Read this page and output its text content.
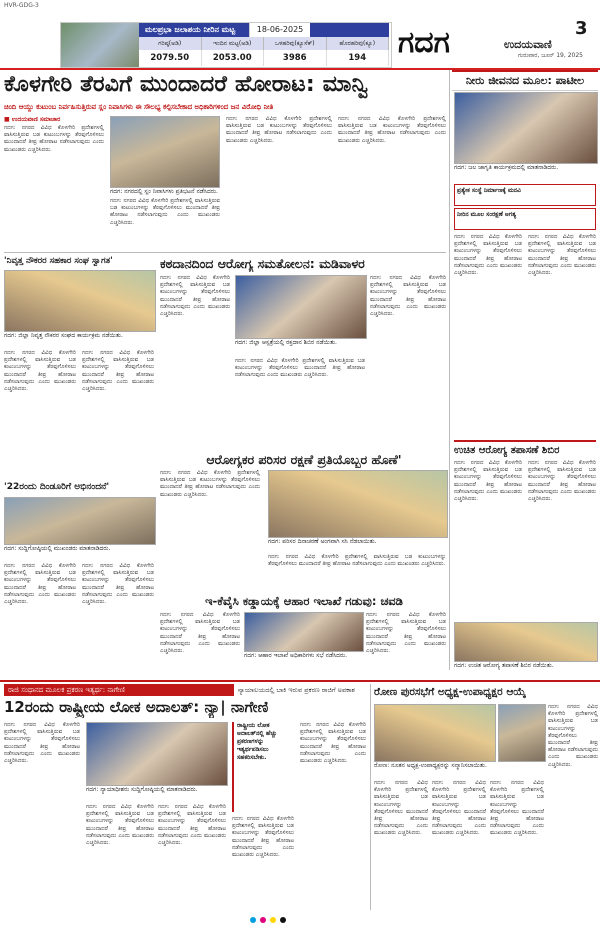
HVR-GDG-3
ಮಲಪ್ರಭಾ ಜಲಾಶಯ ನೀರಿನ ಮಟ್ಟ	18-06-2025
ಗರಿಷ್ಠ(ಅಡಿ)	ಇಂದಿನ ಮಟ್ಟ(ಅಡಿ)	ಒಳಹರಿವು(ಕ್ಯೂಸೆಕ್)	ಹೊರಹರಿವು(ಕ್ಯೂ)
2079.50	2053.00	3986	194	ಗದಗ	3
ಉದಯವಾಣಿ
ಗುರುವಾರ, ಜೂನ್ 19, 2025
ಕೊಳಗೇರಿ ತೆರವಿಗೆ ಮುಂದಾದರೆ ಹೋರಾಟ: ಮಾನ್ವಿ
ಚಿಂದಿ ಆಯ್ದು ಕುಟುಂಬ ನಿರ್ವಹಿಸುತ್ತಿರುವ ಸ್ಲಂ ನಿವಾಸಿಗಳು ಈ ಸೌಲಭ್ಯ ಕಲ್ಪಿಸಬೇಕಾದ ಅಧಿಕಾರಿಗಳಿಂದ ಜನ ವಿರೋಧಿ ನೀತಿ
■ ಉದಯವಾಣಿ ಸಮಾಚಾರ
ಗದಗ: ನಗರದ ವಿವಿಧ ಕೊಳಗೇರಿ ಪ್ರದೇಶಗಳಲ್ಲಿ ವಾಸಿಸುತ್ತಿರುವ ಬಡ ಕುಟುಂಬಗಳನ್ನು ತೆರವುಗೊಳಿಸಲು ಮುಂದಾದರೆ ತೀವ್ರ ಹೋರಾಟ ನಡೆಸಲಾಗುವುದು ಎಂದು ಮುಖಂಡರು ಎಚ್ಚರಿಸಿದರು.
ಗದಗ: ನಗರದಲ್ಲಿ ಸ್ಲಂ ನಿವಾಸಿಗಳು ಪ್ರತಿಭಟನೆ ನಡೆಸಿದರು.
ಗದಗ: ನಗರದ ವಿವಿಧ ಕೊಳಗೇರಿ ಪ್ರದೇಶಗಳಲ್ಲಿ ವಾಸಿಸುತ್ತಿರುವ ಬಡ ಕುಟುಂಬಗಳನ್ನು ತೆರವುಗೊಳಿಸಲು ಮುಂದಾದರೆ ತೀವ್ರ ಹೋರಾಟ ನಡೆಸಲಾಗುವುದು ಎಂದು ಮುಖಂಡರು ಎಚ್ಚರಿಸಿದರು.
ಗದಗ: ನಗರದ ವಿವಿಧ ಕೊಳಗೇರಿ ಪ್ರದೇಶಗಳಲ್ಲಿ ವಾಸಿಸುತ್ತಿರುವ ಬಡ ಕುಟುಂಬಗಳನ್ನು ತೆರವುಗೊಳಿಸಲು ಮುಂದಾದರೆ ತೀವ್ರ ಹೋರಾಟ ನಡೆಸಲಾಗುವುದು ಎಂದು ಮುಖಂಡರು ಎಚ್ಚರಿಸಿದರು.
ಗದಗ: ನಗರದ ವಿವಿಧ ಕೊಳಗೇರಿ ಪ್ರದೇಶಗಳಲ್ಲಿ ವಾಸಿಸುತ್ತಿರುವ ಬಡ ಕುಟುಂಬಗಳನ್ನು ತೆರವುಗೊಳಿಸಲು ಮುಂದಾದರೆ ತೀವ್ರ ಹೋರಾಟ ನಡೆಸಲಾಗುವುದು ಎಂದು ಮುಖಂಡರು ಎಚ್ಚರಿಸಿದರು.
'ನಿವೃತ್ತ ನೌಕರರ ಸಹಕಾರ ಸಂಘ ಸ್ವಾಗತ'
ಗದಗ: ಜಿಲ್ಲಾ ನಿವೃತ್ತ ನೌಕರರ ಸಂಘದ ಕಾರ್ಯಕ್ರಮ ನಡೆಯಿತು.
ಗದಗ: ನಗರದ ವಿವಿಧ ಕೊಳಗೇರಿ ಪ್ರದೇಶಗಳಲ್ಲಿ ವಾಸಿಸುತ್ತಿರುವ ಬಡ ಕುಟುಂಬಗಳನ್ನು ತೆರವುಗೊಳಿಸಲು ಮುಂದಾದರೆ ತೀವ್ರ ಹೋರಾಟ ನಡೆಸಲಾಗುವುದು ಎಂದು ಮುಖಂಡರು ಎಚ್ಚರಿಸಿದರು.
ಗದಗ: ನಗರದ ವಿವಿಧ ಕೊಳಗೇರಿ ಪ್ರದೇಶಗಳಲ್ಲಿ ವಾಸಿಸುತ್ತಿರುವ ಬಡ ಕುಟುಂಬಗಳನ್ನು ತೆರವುಗೊಳಿಸಲು ಮುಂದಾದರೆ ತೀವ್ರ ಹೋರಾಟ ನಡೆಸಲಾಗುವುದು ಎಂದು ಮುಖಂಡರು ಎಚ್ಚರಿಸಿದರು.
ಕಠದಾನದಿಂದ ಆರೋಗ್ಯ ಸಮತೋಲನ: ಮಡಿವಾಳರ
ಗದಗ: ಜಿಲ್ಲಾ ಆಸ್ಪತ್ರೆಯಲ್ಲಿ ರಕ್ತದಾನ ಶಿಬಿರ ನಡೆಯಿತು.
ಗದಗ: ನಗರದ ವಿವಿಧ ಕೊಳಗೇರಿ ಪ್ರದೇಶಗಳಲ್ಲಿ ವಾಸಿಸುತ್ತಿರುವ ಬಡ ಕುಟುಂಬಗಳನ್ನು ತೆರವುಗೊಳಿಸಲು ಮುಂದಾದರೆ ತೀವ್ರ ಹೋರಾಟ ನಡೆಸಲಾಗುವುದು ಎಂದು ಮುಖಂಡರು ಎಚ್ಚರಿಸಿದರು.
ಗದಗ: ನಗರದ ವಿವಿಧ ಕೊಳಗೇರಿ ಪ್ರದೇಶಗಳಲ್ಲಿ ವಾಸಿಸುತ್ತಿರುವ ಬಡ ಕುಟುಂಬಗಳನ್ನು ತೆರವುಗೊಳಿಸಲು ಮುಂದಾದರೆ ತೀವ್ರ ಹೋರಾಟ ನಡೆಸಲಾಗುವುದು ಎಂದು ಮುಖಂಡರು ಎಚ್ಚರಿಸಿದರು.
ಗದಗ: ನಗರದ ವಿವಿಧ ಕೊಳಗೇರಿ ಪ್ರದೇಶಗಳಲ್ಲಿ ವಾಸಿಸುತ್ತಿರುವ ಬಡ ಕುಟುಂಬಗಳನ್ನು ತೆರವುಗೊಳಿಸಲು ಮುಂದಾದರೆ ತೀವ್ರ ಹೋರಾಟ ನಡೆಸಲಾಗುವುದು ಎಂದು ಮುಖಂಡರು ಎಚ್ಚರಿಸಿದರು.
ಆರೋಗ್ಯಕರ ಪರಿಸರ ರಕ್ಷಣೆ ಪ್ರತಿಯೊಬ್ಬರ ಹೊಣೆ'
ಗದಗ: ನಗರದ ವಿವಿಧ ಕೊಳಗೇರಿ ಪ್ರದೇಶಗಳಲ್ಲಿ ವಾಸಿಸುತ್ತಿರುವ ಬಡ ಕುಟುಂಬಗಳನ್ನು ತೆರವುಗೊಳಿಸಲು ಮುಂದಾದರೆ ತೀವ್ರ ಹೋರಾಟ ನಡೆಸಲಾಗುವುದು ಎಂದು ಮುಖಂಡರು ಎಚ್ಚರಿಸಿದರು.
ಗದಗ: ಪರಿಸರ ದಿನಾಚರಣೆ ಅಂಗವಾಗಿ ಸಸಿ ನೆಡಲಾಯಿತು.
ಗದಗ: ನಗರದ ವಿವಿಧ ಕೊಳಗೇರಿ ಪ್ರದೇಶಗಳಲ್ಲಿ ವಾಸಿಸುತ್ತಿರುವ ಬಡ ಕುಟುಂಬಗಳನ್ನು ತೆರವುಗೊಳಿಸಲು ಮುಂದಾದರೆ ತೀವ್ರ ಹೋರಾಟ ನಡೆಸಲಾಗುವುದು ಎಂದು ಮುಖಂಡರು ಎಚ್ಚರಿಸಿದರು.
'22ರಂದು ದಿಂಡೂರಿಗೆ ಅಭಿನಂದನೆ'
ಗದಗ: ಸುದ್ದಿಗೋಷ್ಠಿಯಲ್ಲಿ ಮುಖಂಡರು ಮಾತನಾಡಿದರು.
ಗದಗ: ನಗರದ ವಿವಿಧ ಕೊಳಗೇರಿ ಪ್ರದೇಶಗಳಲ್ಲಿ ವಾಸಿಸುತ್ತಿರುವ ಬಡ ಕುಟುಂಬಗಳನ್ನು ತೆರವುಗೊಳಿಸಲು ಮುಂದಾದರೆ ತೀವ್ರ ಹೋರಾಟ ನಡೆಸಲಾಗುವುದು ಎಂದು ಮುಖಂಡರು ಎಚ್ಚರಿಸಿದರು.
ಗದಗ: ನಗರದ ವಿವಿಧ ಕೊಳಗೇರಿ ಪ್ರದೇಶಗಳಲ್ಲಿ ವಾಸಿಸುತ್ತಿರುವ ಬಡ ಕುಟುಂಬಗಳನ್ನು ತೆರವುಗೊಳಿಸಲು ಮುಂದಾದರೆ ತೀವ್ರ ಹೋರಾಟ ನಡೆಸಲಾಗುವುದು ಎಂದು ಮುಖಂಡರು ಎಚ್ಚರಿಸಿದರು.	ಇ-ಕೆವೈಸಿ ಕಡ್ಡಾಯಕ್ಕೆ ಆಹಾರ ಇಲಾಖೆ ಗಡುವು: ಚವಡಿ
ಗದಗ: ನಗರದ ವಿವಿಧ ಕೊಳಗೇರಿ ಪ್ರದೇಶಗಳಲ್ಲಿ ವಾಸಿಸುತ್ತಿರುವ ಬಡ ಕುಟುಂಬಗಳನ್ನು ತೆರವುಗೊಳಿಸಲು ಮುಂದಾದರೆ ತೀವ್ರ ಹೋರಾಟ ನಡೆಸಲಾಗುವುದು ಎಂದು ಮುಖಂಡರು ಎಚ್ಚರಿಸಿದರು.
ಗದಗ: ಆಹಾರ ಇಲಾಖೆ ಅಧಿಕಾರಿಗಳು ಸಭೆ ನಡೆಸಿದರು.
ಗದಗ: ನಗರದ ವಿವಿಧ ಕೊಳಗೇರಿ ಪ್ರದೇಶಗಳಲ್ಲಿ ವಾಸಿಸುತ್ತಿರುವ ಬಡ ಕುಟುಂಬಗಳನ್ನು ತೆರವುಗೊಳಿಸಲು ಮುಂದಾದರೆ ತೀವ್ರ ಹೋರಾಟ ನಡೆಸಲಾಗುವುದು ಎಂದು ಮುಖಂಡರು ಎಚ್ಚರಿಸಿದರು.
ನೀರು ಜೀವನದ ಮೂಲ: ಪಾಟೀಲ
ಗದಗ: ಜಲ ಜಾಗೃತಿ ಕಾರ್ಯಕ್ರಮದಲ್ಲಿ ಮಾತನಾಡಿದರು.
ಪ್ರತ್ಯೇಕ ಸಂಸ್ಥೆ ನಿರ್ಮಾಣಕ್ಕೆ ಮನವಿ
ನೀರಿನ ಮೂಲ ಸಂರಕ್ಷಣೆ ಅಗತ್ಯ
ಗದಗ: ನಗರದ ವಿವಿಧ ಕೊಳಗೇರಿ ಪ್ರದೇಶಗಳಲ್ಲಿ ವಾಸಿಸುತ್ತಿರುವ ಬಡ ಕುಟುಂಬಗಳನ್ನು ತೆರವುಗೊಳಿಸಲು ಮುಂದಾದರೆ ತೀವ್ರ ಹೋರಾಟ ನಡೆಸಲಾಗುವುದು ಎಂದು ಮುಖಂಡರು ಎಚ್ಚರಿಸಿದರು.
ಗದಗ: ನಗರದ ವಿವಿಧ ಕೊಳಗೇರಿ ಪ್ರದೇಶಗಳಲ್ಲಿ ವಾಸಿಸುತ್ತಿರುವ ಬಡ ಕುಟುಂಬಗಳನ್ನು ತೆರವುಗೊಳಿಸಲು ಮುಂದಾದರೆ ತೀವ್ರ ಹೋರಾಟ ನಡೆಸಲಾಗುವುದು ಎಂದು ಮುಖಂಡರು ಎಚ್ಚರಿಸಿದರು.
ಉಚಿತ ಆರೋಗ್ಯ ತಪಾಸಣೆ ಶಿಬಿರ
ಗದಗ: ನಗರದ ವಿವಿಧ ಕೊಳಗೇರಿ ಪ್ರದೇಶಗಳಲ್ಲಿ ವಾಸಿಸುತ್ತಿರುವ ಬಡ ಕುಟುಂಬಗಳನ್ನು ತೆರವುಗೊಳಿಸಲು ಮುಂದಾದರೆ ತೀವ್ರ ಹೋರಾಟ ನಡೆಸಲಾಗುವುದು ಎಂದು ಮುಖಂಡರು ಎಚ್ಚರಿಸಿದರು.
ಗದಗ: ನಗರದ ವಿವಿಧ ಕೊಳಗೇರಿ ಪ್ರದೇಶಗಳಲ್ಲಿ ವಾಸಿಸುತ್ತಿರುವ ಬಡ ಕುಟುಂಬಗಳನ್ನು ತೆರವುಗೊಳಿಸಲು ಮುಂದಾದರೆ ತೀವ್ರ ಹೋರಾಟ ನಡೆಸಲಾಗುವುದು ಎಂದು ಮುಖಂಡರು ಎಚ್ಚರಿಸಿದರು.
ಗದಗ: ಉಚಿತ ಆರೋಗ್ಯ ತಪಾಸಣೆ ಶಿಬಿರ ನಡೆಯಿತು.
ರಾಜಿ ಸಂಧಾನದ ಮೂಲಕ ಪ್ರಕರಣ ಇತ್ಯರ್ಥ: ನಾಗೇಣಿ	ನ್ಯಾಯಾಲಯದಲ್ಲಿ ಬಾಕಿ ಇರುವ ಪ್ರಕರಣ ರಾಜಿಗೆ ಅವಕಾಶ
12ರಂದು ರಾಷ್ಟ್ರೀಯ ಲೋಕ ಅದಾಲತ್: ನ್ಯಾ| ನಾಗೇಣಿ
ಗದಗ: ನಗರದ ವಿವಿಧ ಕೊಳಗೇರಿ ಪ್ರದೇಶಗಳಲ್ಲಿ ವಾಸಿಸುತ್ತಿರುವ ಬಡ ಕುಟುಂಬಗಳನ್ನು ತೆರವುಗೊಳಿಸಲು ಮುಂದಾದರೆ ತೀವ್ರ ಹೋರಾಟ ನಡೆಸಲಾಗುವುದು ಎಂದು ಮುಖಂಡರು ಎಚ್ಚರಿಸಿದರು.
ಗದಗ: ನ್ಯಾಯಾಧೀಶರು ಸುದ್ದಿಗೋಷ್ಠಿಯಲ್ಲಿ ಮಾತನಾಡಿದರು.
ಗದಗ: ನಗರದ ವಿವಿಧ ಕೊಳಗೇರಿ ಪ್ರದೇಶಗಳಲ್ಲಿ ವಾಸಿಸುತ್ತಿರುವ ಬಡ ಕುಟುಂಬಗಳನ್ನು ತೆರವುಗೊಳಿಸಲು ಮುಂದಾದರೆ ತೀವ್ರ ಹೋರಾಟ ನಡೆಸಲಾಗುವುದು ಎಂದು ಮುಖಂಡರು ಎಚ್ಚರಿಸಿದರು.
ಗದಗ: ನಗರದ ವಿವಿಧ ಕೊಳಗೇರಿ ಪ್ರದೇಶಗಳಲ್ಲಿ ವಾಸಿಸುತ್ತಿರುವ ಬಡ ಕುಟುಂಬಗಳನ್ನು ತೆರವುಗೊಳಿಸಲು ಮುಂದಾದರೆ ತೀವ್ರ ಹೋರಾಟ ನಡೆಸಲಾಗುವುದು ಎಂದು ಮುಖಂಡರು ಎಚ್ಚರಿಸಿದರು.
ರಾಷ್ಟ್ರೀಯ ಲೋಕ ಅದಾಲತ್‌ನಲ್ಲಿ ಹೆಚ್ಚು ಪ್ರಕರಣಗಳನ್ನು ಇತ್ಯರ್ಥಪಡಿಸಲು ಸಹಕರಿಸಬೇಕು.
ಗದಗ: ನಗರದ ವಿವಿಧ ಕೊಳಗೇರಿ ಪ್ರದೇಶಗಳಲ್ಲಿ ವಾಸಿಸುತ್ತಿರುವ ಬಡ ಕುಟುಂಬಗಳನ್ನು ತೆರವುಗೊಳಿಸಲು ಮುಂದಾದರೆ ತೀವ್ರ ಹೋರಾಟ ನಡೆಸಲಾಗುವುದು ಎಂದು ಮುಖಂಡರು ಎಚ್ಚರಿಸಿದರು.
ಗದಗ: ನಗರದ ವಿವಿಧ ಕೊಳಗೇರಿ ಪ್ರದೇಶಗಳಲ್ಲಿ ವಾಸಿಸುತ್ತಿರುವ ಬಡ ಕುಟುಂಬಗಳನ್ನು ತೆರವುಗೊಳಿಸಲು ಮುಂದಾದರೆ ತೀವ್ರ ಹೋರಾಟ ನಡೆಸಲಾಗುವುದು ಎಂದು ಮುಖಂಡರು ಎಚ್ಚರಿಸಿದರು.
ರೋಣ ಪುರಸಭೆಗೆ ಅಧ್ಯಕ್ಷ-ಉಪಾಧ್ಯಕ್ಷರ ಆಯ್ಕೆ
ಗದಗ: ನಗರದ ವಿವಿಧ ಕೊಳಗೇರಿ ಪ್ರದೇಶಗಳಲ್ಲಿ ವಾಸಿಸುತ್ತಿರುವ ಬಡ ಕುಟುಂಬಗಳನ್ನು ತೆರವುಗೊಳಿಸಲು ಮುಂದಾದರೆ ತೀವ್ರ ಹೋರಾಟ ನಡೆಸಲಾಗುವುದು ಎಂದು ಮುಖಂಡರು ಎಚ್ಚರಿಸಿದರು.
ರೋಣ: ನೂತನ ಅಧ್ಯಕ್ಷ-ಉಪಾಧ್ಯಕ್ಷರನ್ನು ಸನ್ಮಾನಿಸಲಾಯಿತು.
ಗದಗ: ನಗರದ ವಿವಿಧ ಕೊಳಗೇರಿ ಪ್ರದೇಶಗಳಲ್ಲಿ ವಾಸಿಸುತ್ತಿರುವ ಬಡ ಕುಟುಂಬಗಳನ್ನು ತೆರವುಗೊಳಿಸಲು ಮುಂದಾದರೆ ತೀವ್ರ ಹೋರಾಟ ನಡೆಸಲಾಗುವುದು ಎಂದು ಮುಖಂಡರು ಎಚ್ಚರಿಸಿದರು.
ಗದಗ: ನಗರದ ವಿವಿಧ ಕೊಳಗೇರಿ ಪ್ರದೇಶಗಳಲ್ಲಿ ವಾಸಿಸುತ್ತಿರುವ ಬಡ ಕುಟುಂಬಗಳನ್ನು ತೆರವುಗೊಳಿಸಲು ಮುಂದಾದರೆ ತೀವ್ರ ಹೋರಾಟ ನಡೆಸಲಾಗುವುದು ಎಂದು ಮುಖಂಡರು ಎಚ್ಚರಿಸಿದರು.
ಗದಗ: ನಗರದ ವಿವಿಧ ಕೊಳಗೇರಿ ಪ್ರದೇಶಗಳಲ್ಲಿ ವಾಸಿಸುತ್ತಿರುವ ಬಡ ಕುಟುಂಬಗಳನ್ನು ತೆರವುಗೊಳಿಸಲು ಮುಂದಾದರೆ ತೀವ್ರ ಹೋರಾಟ ನಡೆಸಲಾಗುವುದು ಎಂದು ಮುಖಂಡರು ಎಚ್ಚರಿಸಿದರು.
